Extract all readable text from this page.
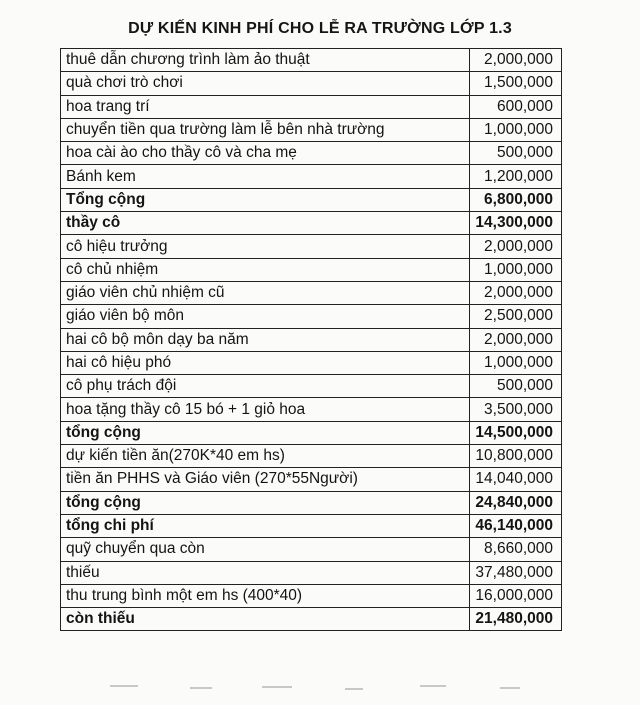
DỰ KIẾN KINH PHÍ CHO LỄ RA TRƯỜNG LỚP 1.3
thuê dẫn chương trình làm ảo thuật	2,000,000
quà chơi trò chơi	1,500,000
hoa trang trí	600,000
chuyển tiền qua trường làm lễ bên nhà trường	1,000,000
hoa cài ào cho thầy cô và cha mẹ	500,000
Bánh kem	1,200,000
Tổng cộng	6,800,000
thầy cô	14,300,000
cô hiệu trưởng	2,000,000
cô chủ nhiệm	1,000,000
giáo viên chủ nhiệm cũ	2,000,000
giáo viên bộ môn	2,500,000
hai cô bộ môn dạy ba năm	2,000,000
hai cô hiệu phó	1,000,000
cô phụ trách đội	500,000
hoa tặng thầy cô 15 bó + 1 giỏ hoa	3,500,000
tổng cộng	14,500,000
dự kiến tiền ăn(270K*40 em hs)	10,800,000
tiền ăn PHHS và Giáo viên (270*55Người)	14,040,000
tổng cộng	24,840,000
tổng chi phí	46,140,000
quỹ chuyển qua còn	8,660,000
thiếu	37,480,000
thu trung bình một em hs (400*40)	16,000,000
còn thiếu	21,480,000
